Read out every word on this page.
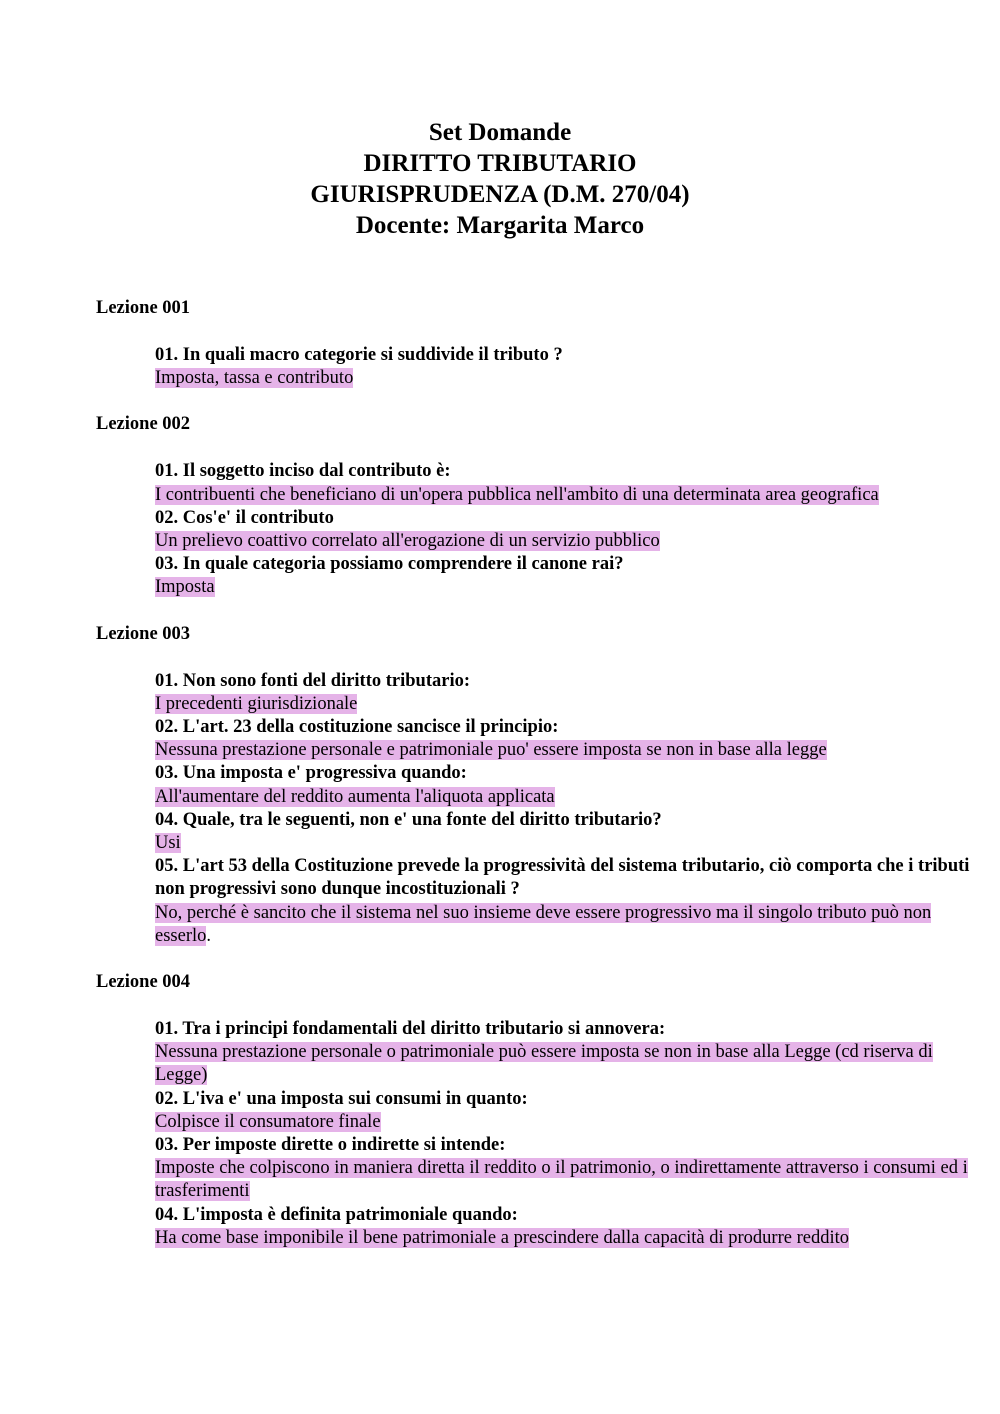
Set Domande
DIRITTO TRIBUTARIO
GIURISPRUDENZA (D.M. 270/04)
Docente: Margarita Marco
Lezione 001
01. In quali macro categorie si suddivide il tributo ?
Imposta, tassa e contributo
Lezione 002
01. Il soggetto inciso dal contributo è:
I contribuenti che beneficiano di un'opera pubblica nell'ambito di una determinata area geografica
02. Cos'e' il contributo
Un prelievo coattivo correlato all'erogazione di un servizio pubblico
03. In quale categoria possiamo comprendere il canone rai?
Imposta
Lezione 003
01. Non sono fonti del diritto tributario:
I precedenti giurisdizionale
02. L'art. 23 della costituzione sancisce il principio:
Nessuna prestazione personale e patrimoniale puo' essere imposta se non in base alla legge
03. Una imposta e' progressiva quando:
All'aumentare del reddito aumenta l'aliquota applicata
04. Quale, tra le seguenti, non e' una fonte del diritto tributario?
Usi
05. L'art 53 della Costituzione prevede la progressività del sistema tributario, ciò comporta che i tributi non progressivi sono dunque incostituzionali ?
No, perché è sancito che il sistema nel suo insieme deve essere progressivo ma il singolo tributo può non esserlo.
Lezione 004
01. Tra i principi fondamentali del diritto tributario si annovera:
Nessuna prestazione personale o patrimoniale può essere imposta se non in base alla Legge (cd riserva di Legge)
02. L'iva e' una imposta sui consumi in quanto:
Colpisce il consumatore finale
03. Per imposte dirette o indirette si intende:
Imposte che colpiscono in maniera diretta il reddito o il patrimonio, o indirettamente attraverso i consumi ed i trasferimenti
04. L'imposta è definita patrimoniale quando:
Ha come base imponibile il bene patrimoniale a prescindere dalla capacità di produrre reddito
